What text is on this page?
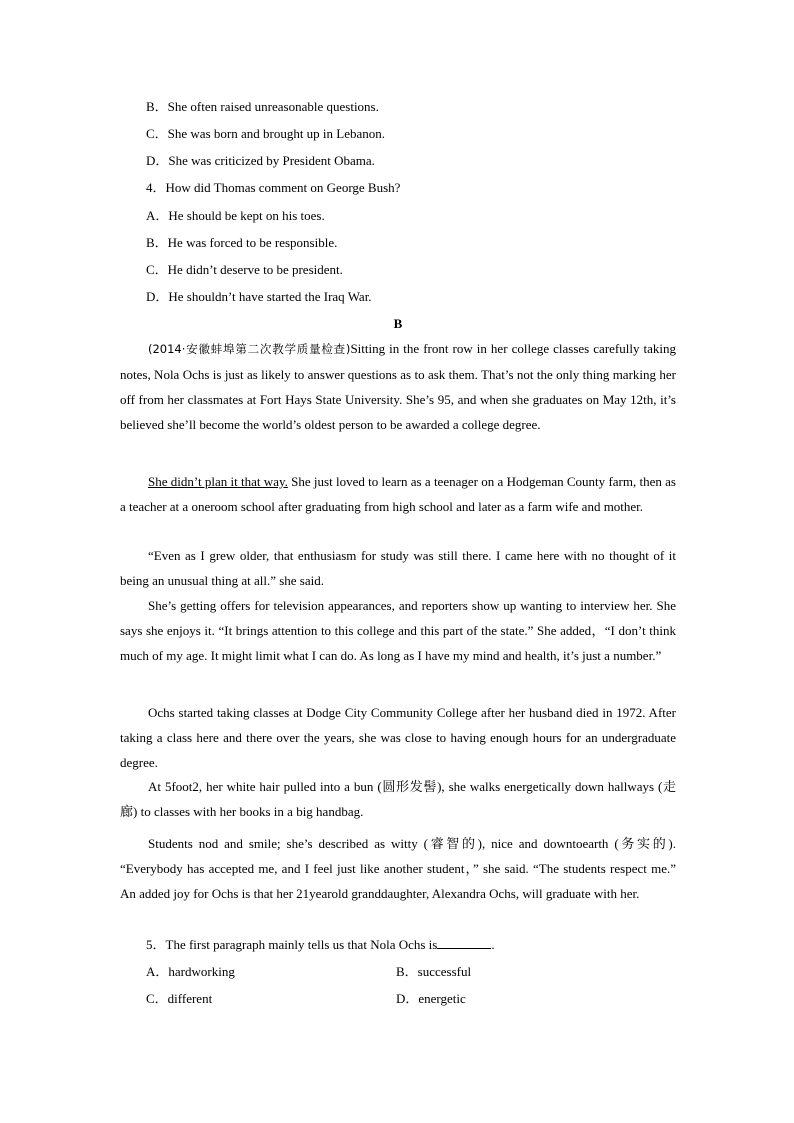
B．She often raised unreasonable questions.
C．She was born and brought up in Lebanon.
D．She was criticized by President Obama.
4．How did Thomas comment on George Bush?
A．He should be kept on his toes.
B．He was forced to be responsible.
C．He didn’t deserve to be president.
D．He shouldn’t have started the Iraq War.
B
(2014·安徽蚌埠第二次教学质量检查)Sitting in the front row in her college classes carefully taking notes, Nola Ochs is just as likely to answer questions as to ask them. That’s not the only thing marking her off from her classmates at Fort Hays State University. She’s 95, and when she graduates on May 12th, it’s believed she’ll become the world’s oldest person to be awarded a college degree.
She didn’t plan it that way. She just loved to learn as a teenager on a Hodgeman County farm, then as a teacher at a oneroom school after graduating from high school and later as a farm wife and mother.
“Even as I grew older, that enthusiasm for study was still there. I came here with no thought of it being an unusual thing at all.” she said.
She’s getting offers for television appearances, and reporters show up wanting to interview her. She says she enjoys it. “It brings attention to this college and this part of the state.” She added，“I don’t think much of my age. It might limit what I can do. As long as I have my mind and health, it’s just a number.”
Ochs started taking classes at Dodge City Community College after her husband died in 1972. After taking a class here and there over the years, she was close to having enough hours for an undergraduate degree.
At 5foot2, her white hair pulled into a bun (圆形发髻), she walks energetically down hallways (走廊) to classes with her books in a big handbag.
Students nod and smile; she’s described as witty (睿智的), nice and downtoearth (务实的). “Everybody has accepted me, and I feel just like another student，” she said. “The students respect me.” An added joy for Ochs is that her 21yearold granddaughter, Alexandra Ochs, will graduate with her.
5．The first paragraph mainly tells us that Nola Ochs is	.
A．hardworking	B．successful
C．different	D．energetic
